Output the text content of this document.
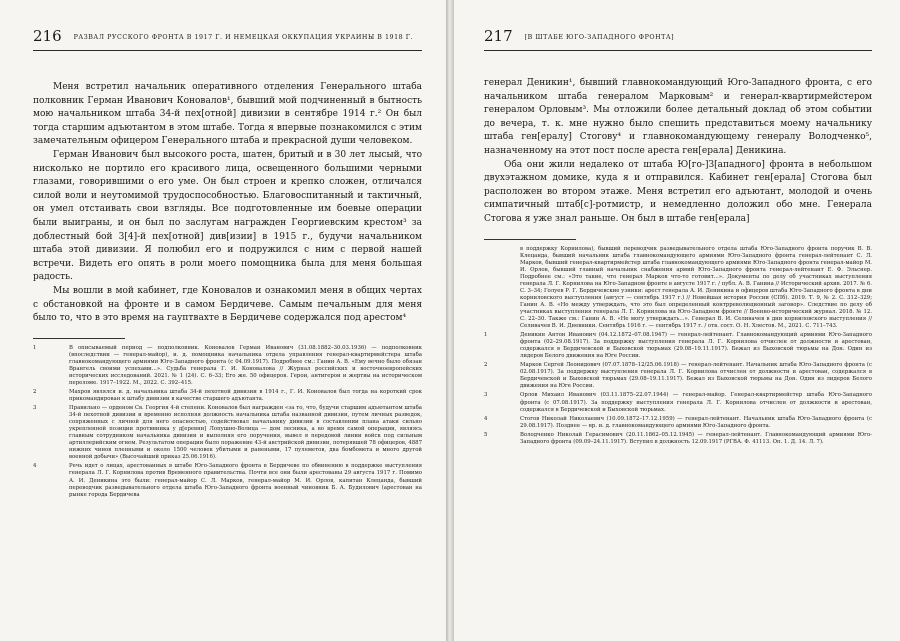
216 РАЗВАЛ РУССКОГО ФРОНТА В 1917 Г. И НЕМЕЦКАЯ ОККУПАЦИЯ УКРАИНЫ В 1918 Г.

Меня встретил начальник оперативного отделения Генерального штаба полковник Герман Иванович Коновалов¹, бывший мой подчиненный в бытность мою начальником штаба 34-й пех[отной] дивизии в сентябре 1914 г.² Он был тогда старшим адъютантом в этом штабе. Тогда я впервые познакомился с этим замечательным офицером Генерального штаба и прекрасной души человеком.

Герман Иванович был высокого роста, шатен, бритый и в 30 лет лысый, что нисколько не портило его красивого лица, освещенного большими черными глазами, говорившими о его уме. Он был строен и крепко сложен, отличался силой воли и неутомимой трудоспособностью. Благовоспитанный и тактичный, он умел отстаивать свои взгляды. Все подготовленные им боевые операции были выиграны, и он был по заслугам награжден Георгиевским крестом³ за доблестный бой 3[4]-й пех[отной] див[изии] в 1915 г., будучи начальником штаба этой дивизии. Я полюбил его и подружился с ним с первой нашей встречи. Видеть его опять в роли моего помощника была для меня большая радость.

Мы вошли в мой кабинет, где Коновалов и ознакомил меня в общих чертах с обстановкой на фронте и в самом Бердичеве. Самым печальным для меня было то, что в это время на гауптвахте в Бердичеве содержался под арестом⁴

1	В описываемый период — подполковник. Коновалов Герман Иванович (31.08.1882–30.03.1936) — подполковник (впоследствии — генерал-майор), и. д. помощника начальника отдела управления генерал-квартирмейстера штаба главнокомандующего армиями Юго-Западного фронта (с 04.09.1917). Подробнее см.: Ганин А. В. «Ему вечно было обязан Врангель своими успехами...». Судьба генерала Г. И. Коновалова // Журнал российских и восточноевропейских исторических исследований. 2021. № 1 (24). С. 6–33; Его же. 50 офицеров. Герои, антигерои и жертвы на историческом переломе. 1917–1922. М., 2022. С. 392–415.
2	Махров являлся и. д. начальника штаба 34-й пехотной дивизии в 1914 г., Г. И. Коновалов был тогда на короткий срок прикомандирован к штабу дивизии в качестве старшего адъютанта.
3	Правильно — орденом Св. Георгия 4-й степени. Коновалов был награжден «за то, что, будучи старшим адъютантом штаба 34-й пехотной дивизии и временно исполняя должность начальника штаба названной дивизии, путем личных разведок, сопряженных с личной для него опасностью, содействовал начальнику дивизии в составлении плана атаки сильно укрепленной позиции противника у д[еревни] Лопушно-Волица — дом лесника, а во время самой операции, являясь главным сотрудником начальника дивизии и выполняя его поручения, вывел в передовой линии войск под сильным артиллерийским огнем. Результатом операции было поражение 43-й австрийской дивизии, потерявшей 78 офицеров, 4887 нижних чинов пленными и около 1500 человек убитыми и ранеными, 17 пулеметов, два бомбомета и много другой военной добычи» (Высочайший приказ 25.06.1916).
4	Речь идет о лицах, арестованных в штабе Юго-Западного фронта в Бердичеве по обвинению в поддержке выступления генерала Л. Г. Корнилова против Временного правительства. Почти все они были арестованы 29 августа 1917 г. Помимо А. И. Деникина это были: генерал-майор С. Л. Марков, генерал-майор М. И. Орлов, капитан Клецанда, бывший переводчик разведывательного отдела штаба Юго-Западного фронта военный чиновник Б. А. Будилович (арестован на рынке города Бердичева
217 [В ШТАБЕ ЮГО-ЗАПАДНОГО ФРОНТА]

генерал Деникин¹, бывший главнокомандующий Юго-Западного фронта, с его начальником штаба генералом Марковым² и генерал-квартирмейстером генералом Орловым³. Мы отложили более детальный доклад об этом событии до вечера, т. к. мне нужно было спешить представиться моему начальнику штаба ген[ералу] Стогову⁴ и главнокомандующему генералу Володченко⁵, назначенному на этот пост после ареста ген[ерала] Деникина.

Оба они жили недалеко от штаба Ю[го-]З[ападного] фронта в небольшом двухэтажном домике, куда я и отправился. Кабинет ген[ерала] Стогова был расположен во втором этаже. Меня встретил его адъютант, молодой и очень симпатичный штаб[с]-ротмистр, и немедленно доложил обо мне. Генерала Стогова я уже знал раньше. Он был в штабе ген[ерала]

в поддержку Корнилова), бывший переводчик разведывательного отдела штаба Юго-Западного фронта поручик В. В. Клецанда, бывший начальник штаба главнокомандующего армиями Юго-Западного фронта генерал-лейтенант С. Л. Марков, бывший генерал-квартирмейстер штаба главнокомандующего армиями Юго-Западного фронта генерал-майор М. И. Орлов, бывший главный начальник снабжения армий Юго-Западного фронта генерал-лейтенант Е. Ф. Эльснер. Подробнее см.: «Это такие, что генерал Марков что-то готовит...». Документы по делу об участниках выступления генерала Л. Г. Корнилова на Юго-Западном фронте в августе 1917 г. / публ. А. В. Ганина // Исторический архив. 2017. № 6. С. 3–34; Голуев Р. Г. Бердичевские узники: арест генерала А. И. Деникина и офицеров штаба Юго-Западного фронта в дни корниловского выступления (август — сентябрь 1917 г.) // Новейшая история России (СПб). 2019. Т. 9, № 2. С. 312–329; Ганин А. В. «Но между утверждать, что это был определенный контрреволюционный заговор». Следствие по делу об участниках выступления генерала Л. Г. Корнилова на Юго-Западном фронте // Военно-исторический журнал. 2018. № 12. С. 22–30. Также см.: Ганин А. В. «Не могу утверждать...». Генерал В. И. Селивачев в дни корниловского выступления // Селивачев В. И. Дневники. Сентябрь 1916 г. — сентябрь 1917 г. / отв. сост. О. Н. Хлестов. М., 2021. С. 711–743.
1	Деникин Антон Иванович (04.12.1872–07.08.1947) — генерал-лейтенант. Главнокомандующий армиями Юго-Западного фронта (02–29.08.1917). За поддержку выступления генерала Л. Г. Корнилова отчислен от должности и арестован, содержался в Бердичевской и Быховской тюрьмах (29.08–19.11.1917). Бежал из Быховской тюрьмы на Дон. Один из лидеров Белого движения на Юге России.
2	Марков Сергей Леонидович (07.07.1878–12/25.06.1918) — генерал-лейтенант. Начальник штаба Юго-Западного фронта (с 02.08.1917). За поддержку выступления генерала Л. Г. Корнилова отчислен от должности и арестован, содержался в Бердичевской и Быховской тюрьмах (29.08–19.11.1917). Бежал из Быховской тюрьмы на Дон. Один из лидеров Белого движения на Юге России.
3	Орлов Михаил Иванович (03.11.1875–22.07.1944) — генерал-майор. Генерал-квартирмейстер штаба Юго-Западного фронта (с 07.08.1917). За поддержку выступления генерала Л. Г. Корнилова отчислен от должности и арестован, содержался в Бердичевской и Быховской тюрьмах.
4	Стогов Николай Николаевич (10.09.1872–17.12.1959) — генерал-лейтенант. Начальник штаба Юго-Западного фронта (с 29.08.1917). Позднее — вр. и. д. главнокомандующего армиями Юго-Западного фронта.
5	Володченко Николай Герасимович (20.11.1862–05.12.1945) — генерал-лейтенант. Главнокомандующий армиями Юго-Западного фронта (09.09–24.11.1917). Вступил в должность 12.09.1917 (РГВА. Ф. 41113. Оп. 1. Д. 14. Л. 7).
